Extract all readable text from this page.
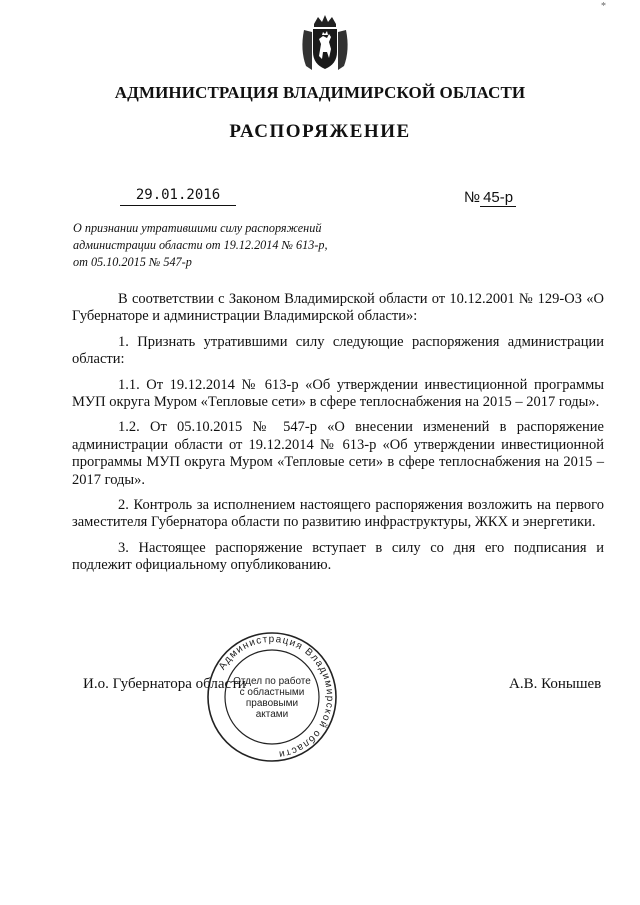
*
АДМИНИСТРАЦИЯ ВЛАДИМИРСКОЙ ОБЛАСТИ
РАСПОРЯЖЕНИЕ
29.01.2016	№ 45-р
О признании утратившими силу распоряжений
администрации области от 19.12.2014 № 613-р,
от 05.10.2015 № 547-р

В соответствии с Законом Владимирской области от 10.12.2001 № 129-ОЗ «О Губернаторе и администрации Владимирской области»:

1. Признать утратившими силу следующие распоряжения администрации области:

1.1. От 19.12.2014 № 613-р «Об утверждении инвестиционной программы МУП округа Муром «Тепловые сети» в сфере теплоснабжения на 2015 – 2017 годы».

1.2. От 05.10.2015 № 547-р «О внесении изменений в распоряжение администрации области от 19.12.2014 № 613-р «Об утверждении инвестиционной программы МУП округа Муром «Тепловые сети» в сфере теплоснабжения на 2015 – 2017 годы».

2. Контроль за исполнением настоящего распоряжения возложить на первого заместителя Губернатора области по развитию инфраструктуры, ЖКХ и энергетики.

3. Настоящее распоряжение вступает в силу со дня его подписания и подлежит официальному опубликованию.

Администрация Владимирской области
Отдел по работе
с областными
правовыми
актами
И.о. Губернатора области	А.В. Конышев
